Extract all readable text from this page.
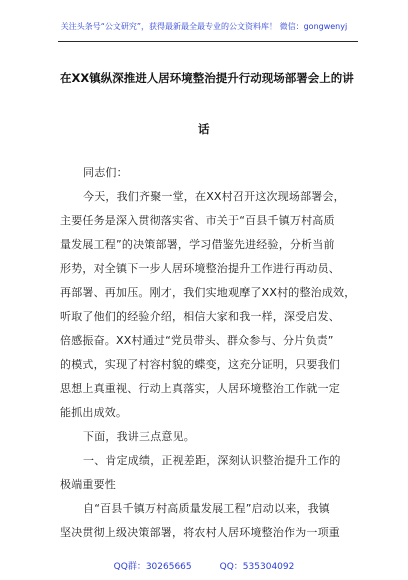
关注头条号“公文研究”，获得最新最全最专业的公文资料库！ 微信：gongwenyj
在XX镇纵深推进人居环境整治提升行动现场部署会上的讲
话
同志们：
今天，我们齐聚一堂，在XX村召开这次现场部署会，
主要任务是深入贯彻落实省、市关于“百县千镇万村高质
量发展工程”的决策部署，学习借鉴先进经验，分析当前
形势，对全镇下一步人居环境整治提升工作进行再动员、
再部署、再加压。刚才，我们实地观摩了XX村的整治成效，
听取了他们的经验介绍，相信大家和我一样，深受启发、
倍感振奋。XX村通过“党员带头、群众参与、分片负责”
的模式，实现了村容村貌的蝶变，这充分证明，只要我们
思想上真重视、行动上真落实，人居环境整治工作就一定
能抓出成效。
下面，我讲三点意见。
一、肯定成绩，正视差距，深刻认识整治提升工作的
极端重要性
自“百县千镇万村高质量发展工程”启动以来，我镇
坚决贯彻上级决策部署，将农村人居环境整治作为一项重
QQ群：30265665	QQ：535304092
